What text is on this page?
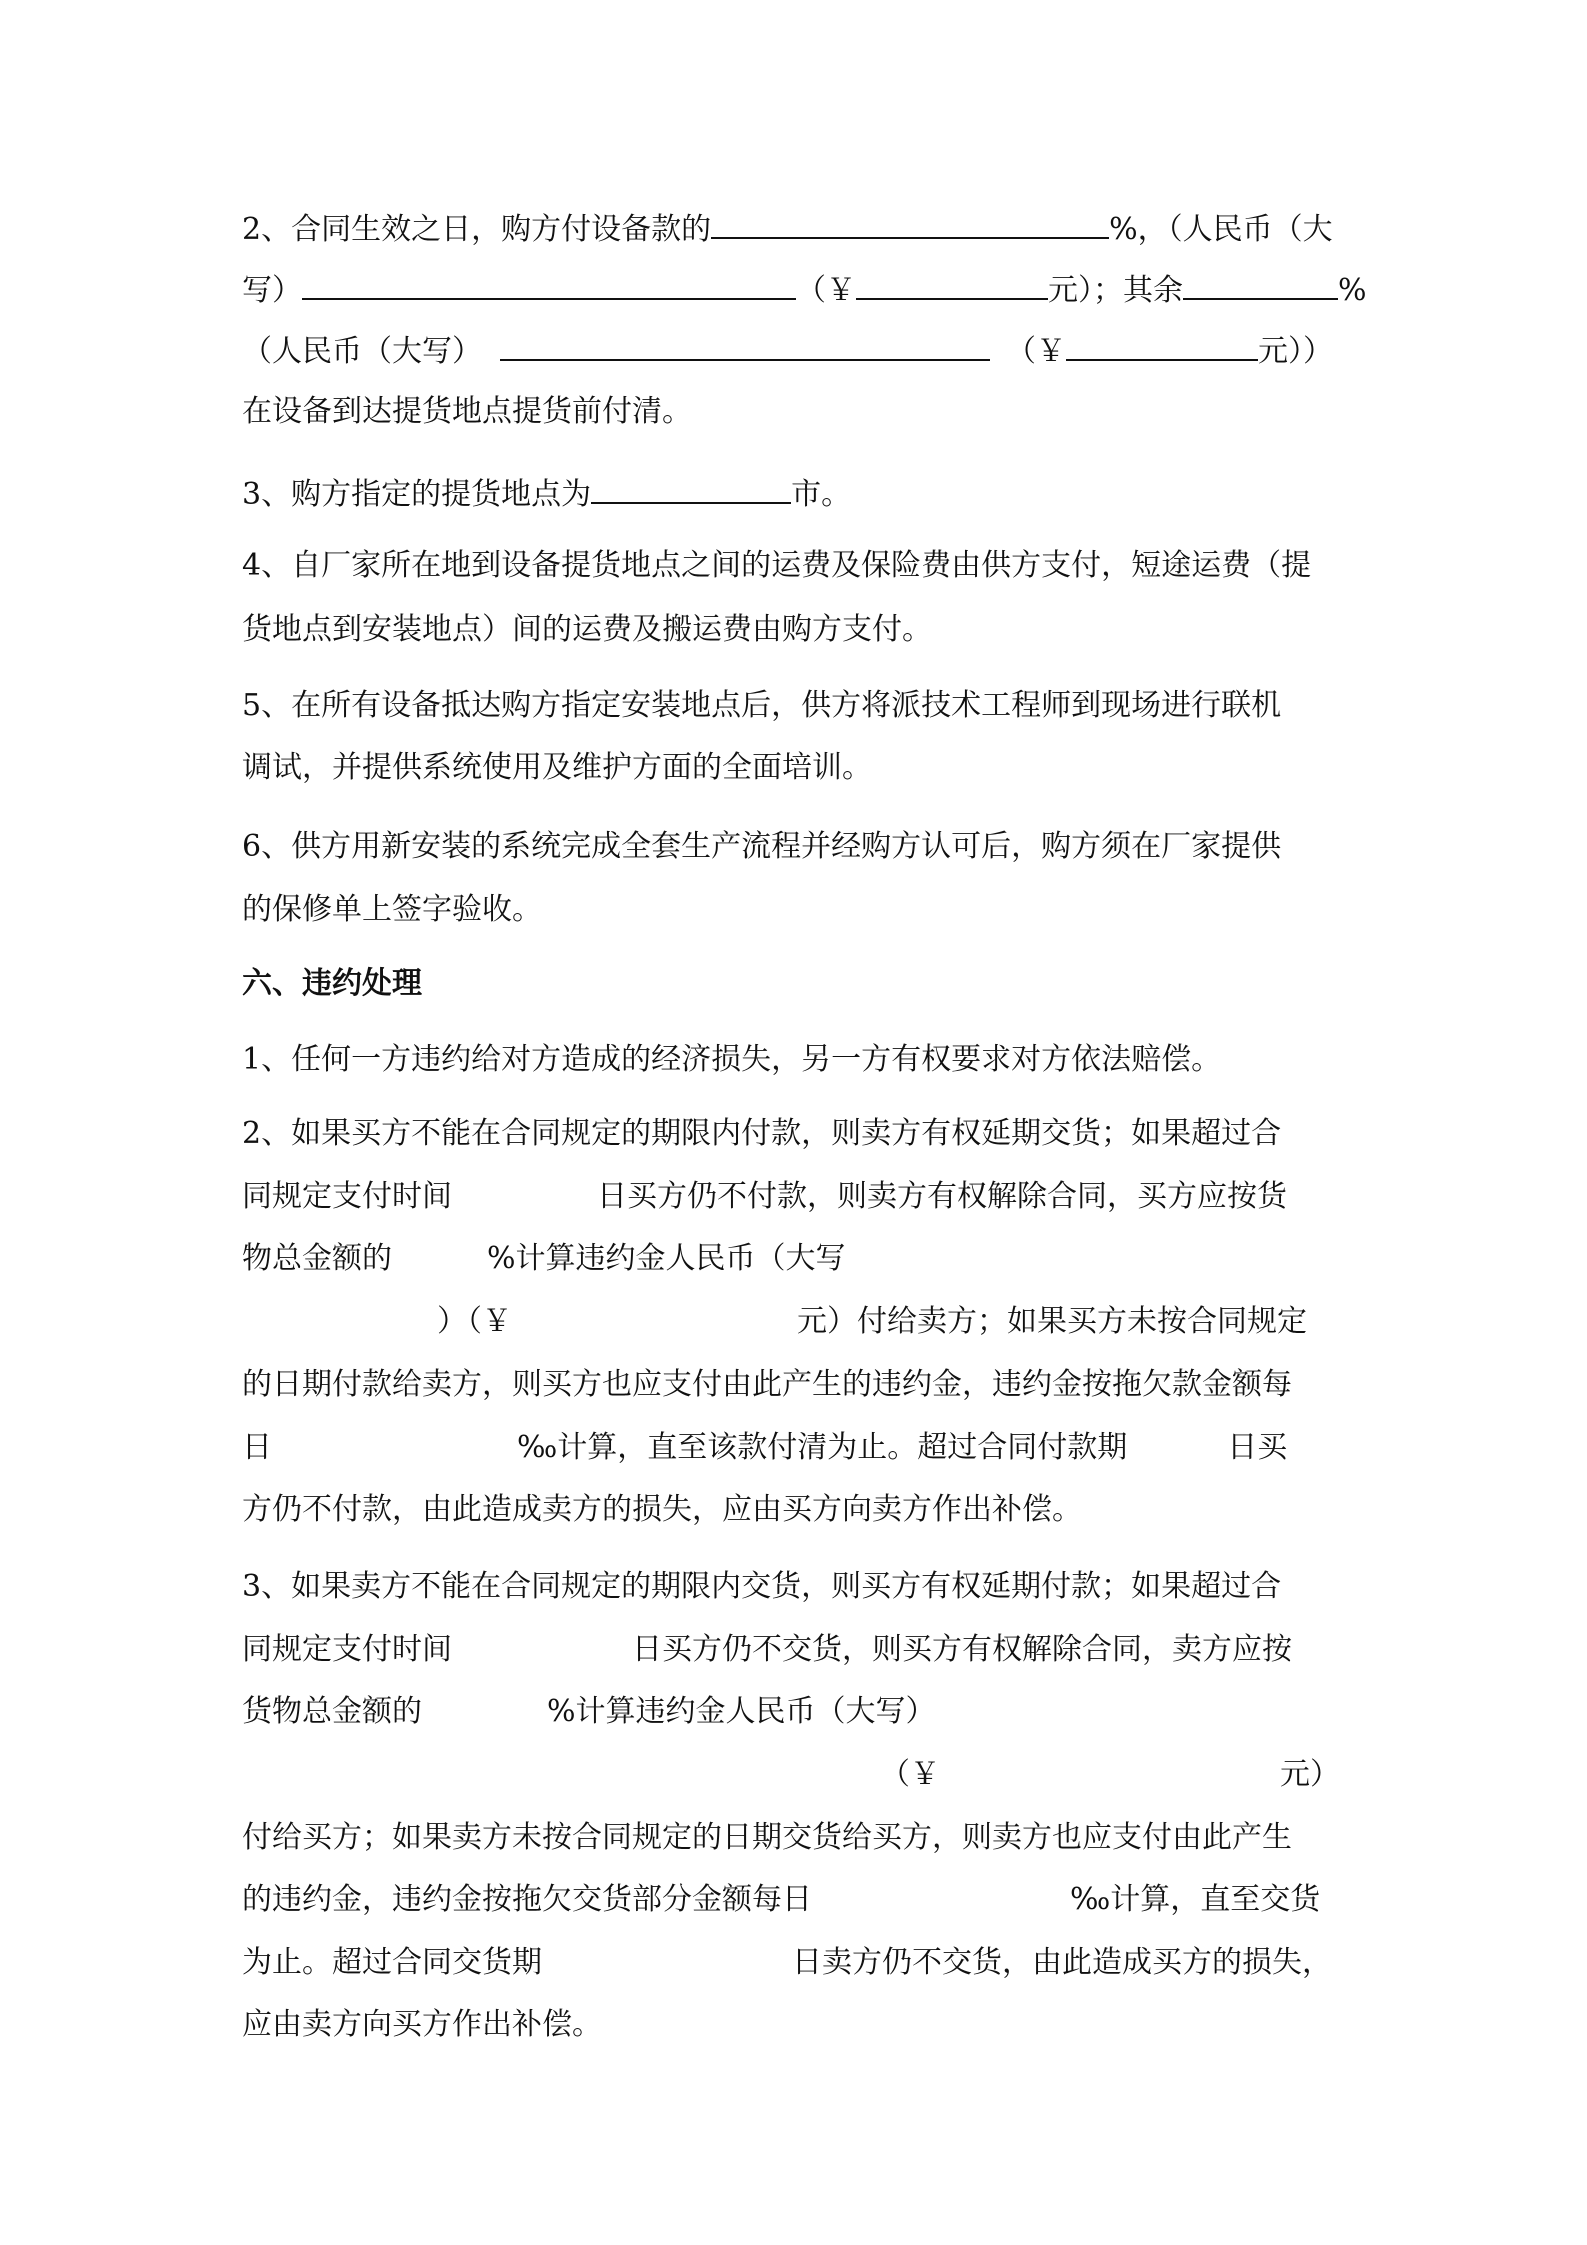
2、合同生效之日，购方付设备款的	%，（人民币（大
写）	（￥	元）；其余	%
（人民币（大写）	（￥	元））
在设备到达提货地点提货前付清。
3、购方指定的提货地点为	市。
4、自厂家所在地到设备提货地点之间的运费及保险费由供方支付，短途运费（提
货地点到安装地点）间的运费及搬运费由购方支付。
5、在所有设备抵达购方指定安装地点后，供方将派技术工程师到现场进行联机
调试，并提供系统使用及维护方面的全面培训。
6、供方用新安装的系统完成全套生产流程并经购方认可后，购方须在厂家提供
的保修单上签字验收。
六、违约处理
1、任何一方违约给对方造成的经济损失，另一方有权要求对方依法赔偿。
2、如果买方不能在合同规定的期限内付款，则卖方有权延期交货；如果超过合
同规定支付时间	日买方仍不付款，则卖方有权解除合同，买方应按货
物总金额的	%计算违约金人民币（大写
）（￥	元）付给卖方；如果买方未按合同规定
的日期付款给卖方，则买方也应支付由此产生的违约金，违约金按拖欠款金额每
日	‰计算，直至该款付清为止。超过合同付款期	日买
方仍不付款，由此造成卖方的损失，应由买方向卖方作出补偿。
3、如果卖方不能在合同规定的期限内交货，则买方有权延期付款；如果超过合
同规定支付时间	日买方仍不交货，则买方有权解除合同，卖方应按
货物总金额的	%计算违约金人民币（大写）
（￥	元）
付给买方；如果卖方未按合同规定的日期交货给买方，则卖方也应支付由此产生
的违约金，违约金按拖欠交货部分金额每日	‰计算，直至交货
为止。超过合同交货期	日卖方仍不交货，由此造成买方的损失，
应由卖方向买方作出补偿。
